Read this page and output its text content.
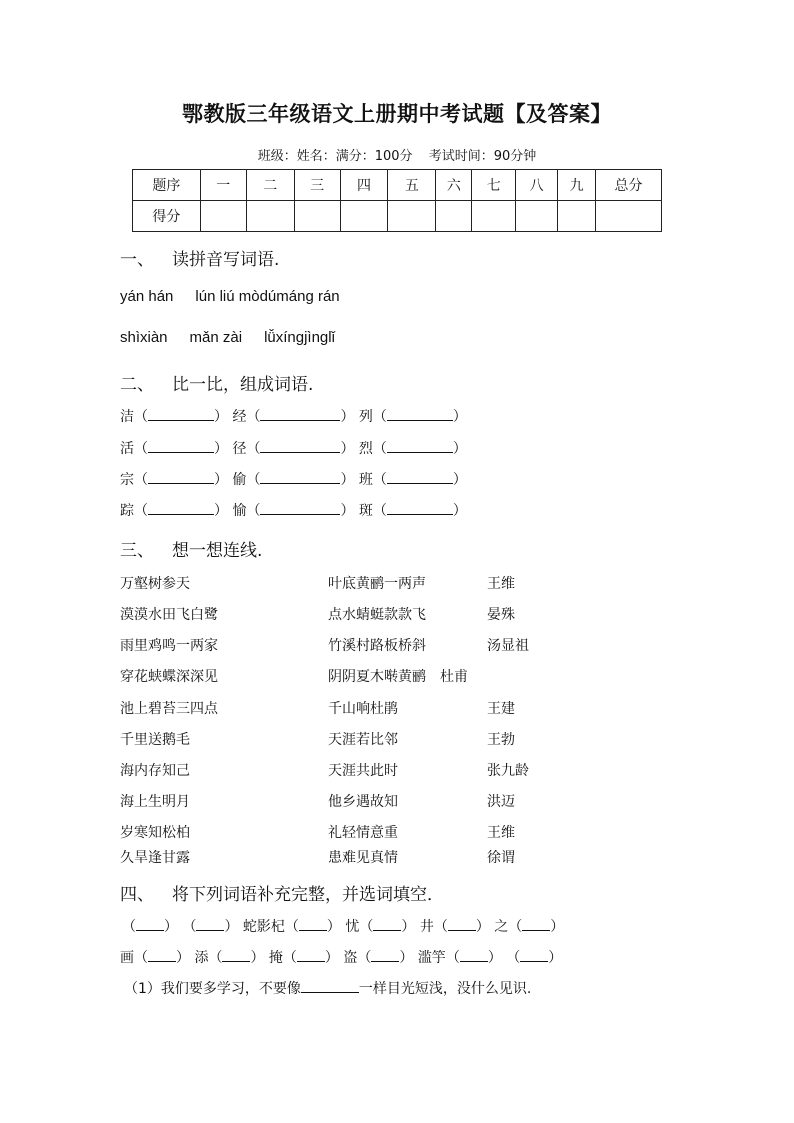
鄂教版三年级语文上册期中考试题【及答案】
班级：姓名：满分：100分 考试时间：90分钟
题序	一	二	三	四	五	六	七	八	九	总分
得分										
一、 读拼音写词语.
yán hán lún liú mòdúmáng rán
shìxiàn mǎn zài lǚxíngjìnglǐ
二、 比一比，组成词语.
洁（	） 经（	） 列（	）
活（	） 径（	） 烈（	）
宗（	） 偷（	） 班（	）
踪（	） 愉（	） 斑（	）
三、 想一想连线.
万壑树参天	叶底黄鹂一两声	王维
漠漠水田飞白鹭	点水蜻蜓款款飞	晏殊
雨里鸡鸣一两家	竹溪村路板桥斜	汤显祖
穿花蛱蝶深深见	阴阴夏木啭黄鹂　杜甫
池上碧苔三四点	千山响杜鹃	王建
千里送鹅毛	天涯若比邻	王勃
海内存知己	天涯共此时	张九龄
海上生明月	他乡遇故知	洪迈
岁寒知松柏	礼轻情意重	王维
久旱逢甘露	患难见真情	徐谓
四、 将下列词语补充完整，并选词填空．
（ ） （ ） 蛇影杞（ ） 忧（ ） 井（ ） 之（ ）
画（ ） 添（ ） 掩（ ） 盗（ ） 滥竽（ ） （ ）
（1）我们要多学习，不要像	一样目光短浅，没什么见识.
